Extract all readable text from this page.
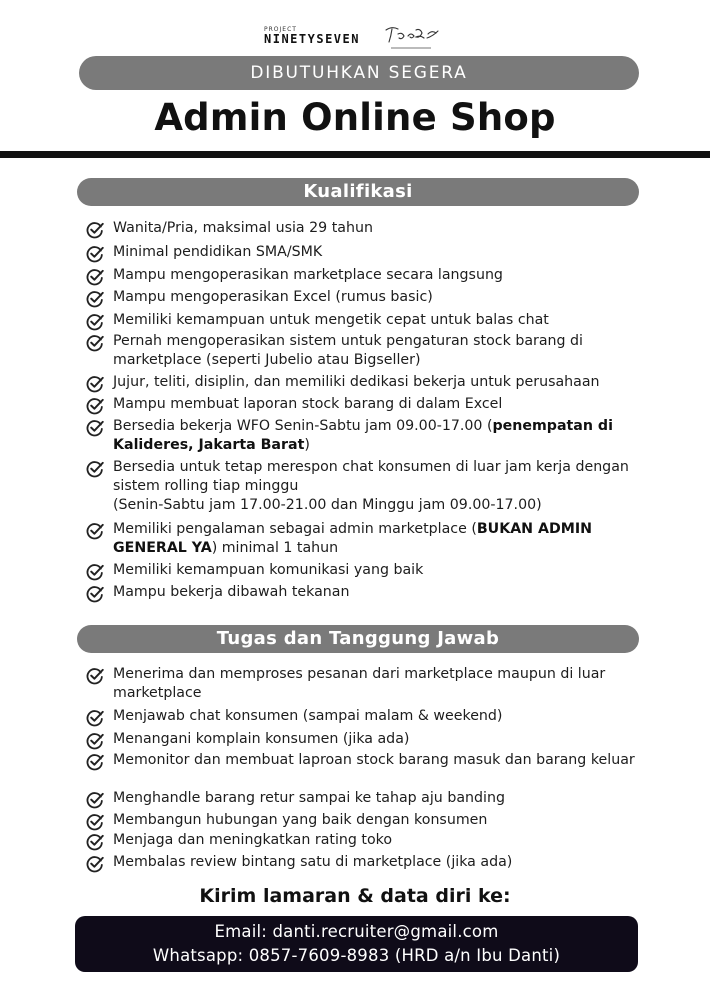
PROJECT
NINETYSEVEN
DIBUTUHKAN SEGERA
Admin Online Shop
Kualifikasi
Wanita/Pria, maksimal usia 29 tahun
Minimal pendidikan SMA/SMK
Mampu mengoperasikan marketplace secara langsung
Mampu mengoperasikan Excel (rumus basic)
Memiliki kemampuan untuk mengetik cepat untuk balas chat
Pernah mengoperasikan sistem untuk pengaturan stock barang di marketplace (seperti Jubelio atau Bigseller)
Jujur, teliti, disiplin, dan memiliki dedikasi bekerja untuk perusahaan
Mampu membuat laporan stock barang di dalam Excel
Bersedia bekerja WFO Senin-Sabtu jam 09.00-17.00 (penempatan di Kalideres, Jakarta Barat)
Bersedia untuk tetap merespon chat konsumen di luar jam kerja dengan sistem rolling tiap minggu
(Senin-Sabtu jam 17.00-21.00 dan Minggu jam 09.00-17.00)
Memiliki pengalaman sebagai admin marketplace (BUKAN ADMIN GENERAL YA) minimal 1 tahun
Memiliki kemampuan komunikasi yang baik
Mampu bekerja dibawah tekanan
Tugas dan Tanggung Jawab
Menerima dan memproses pesanan dari marketplace maupun di luar marketplace
Menjawab chat konsumen (sampai malam & weekend)
Menangani komplain konsumen (jika ada)
Memonitor dan membuat laproan stock barang masuk dan barang keluar
Menghandle barang retur sampai ke tahap aju banding
Membangun hubungan yang baik dengan konsumen
Menjaga dan meningkatkan rating toko
Membalas review bintang satu di marketplace (jika ada)
Kirim lamaran & data diri ke:
Email: danti.recruiter@gmail.com
Whatsapp: 0857-7609-8983 (HRD a/n Ibu Danti)
